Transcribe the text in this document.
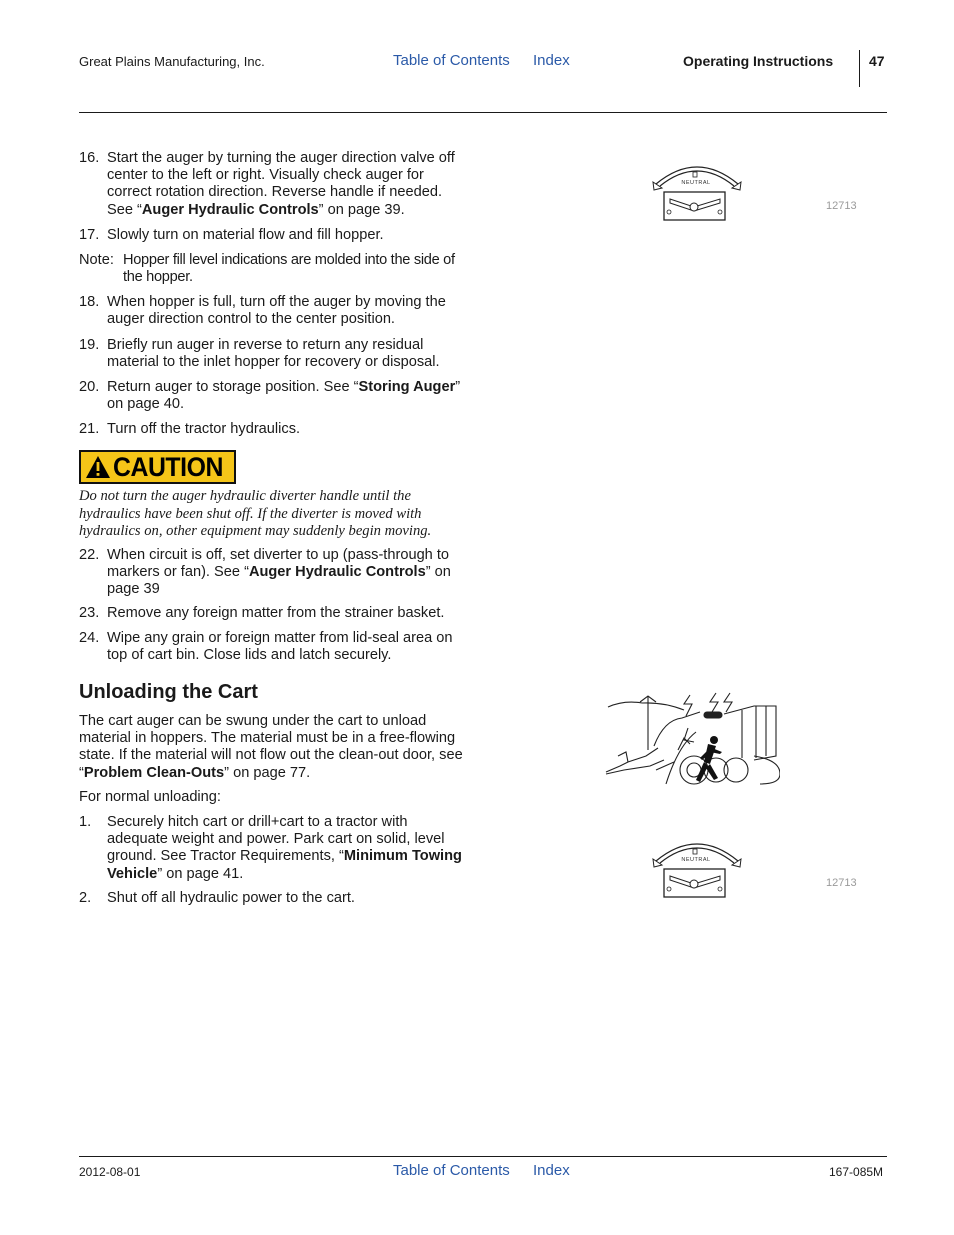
Great Plains Manufacturing, Inc.	Table of Contents Index	Operating Instructions	47
16. Start the auger by turning the auger direction valve off center to the left or right. Visually check auger for correct rotation direction. Reverse handle if needed. See “Auger Hydraulic Controls” on page 39.
17. Slowly turn on material flow and fill hopper.
Note: Hopper fill level indications are molded into the side of the hopper.
18. When hopper is full, turn off the auger by moving the auger direction control to the center position.
19. Briefly run auger in reverse to return any residual material to the inlet hopper for recovery or disposal.
20. Return auger to storage position. See “Storing Auger” on page 40.
21. Turn off the tractor hydraulics.
CAUTION
Do not turn the auger hydraulic diverter handle until the hydraulics have been shut off. If the diverter is moved with hydraulics on, other equipment may suddenly begin moving.
22. When circuit is off, set diverter to up (pass-through to markers or fan). See “Auger Hydraulic Controls” on page 39
23. Remove any foreign matter from the strainer basket.
24. Wipe any grain or foreign matter from lid-seal area on top of cart bin. Close lids and latch securely.
Unloading the Cart
The cart auger can be swung under the cart to unload material in hoppers. The material must be in a free-flowing state. If the material will not flow out the clean-out door, see “Problem Clean-Outs” on page 77.
For normal unloading:
1. Securely hitch cart or drill+cart to a tractor with adequate weight and power. Park cart on solid, level ground. See Tractor Requirements, “Minimum Towing Vehicle” on page 41.
2. Shut off all hydraulic power to the cart.
NEUTRAL
12713
NEUTRAL
12713
2012-08-01	Table of Contents Index	167-085M
